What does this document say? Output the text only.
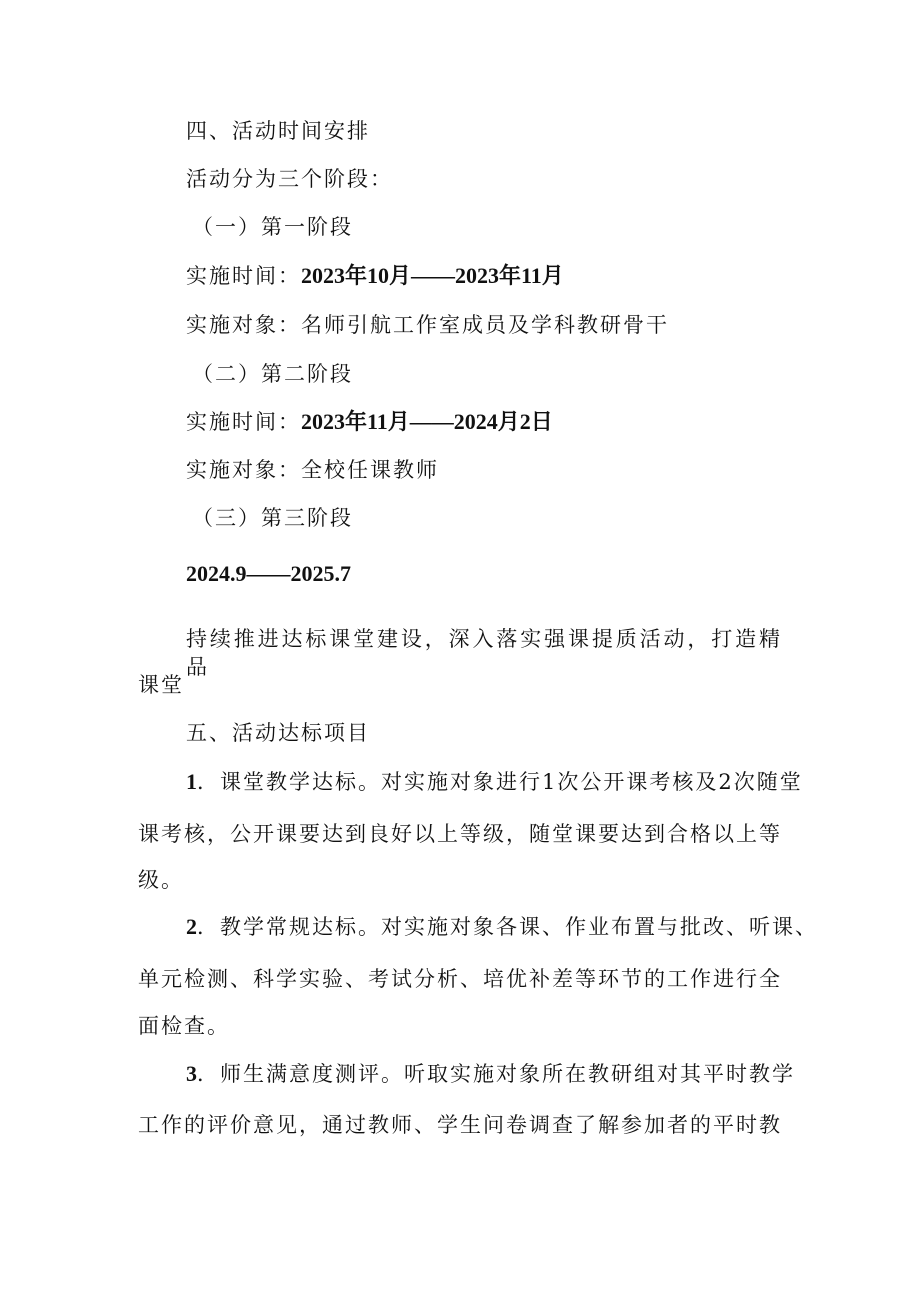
四、活动时间安排
活动分为三个阶段：
（一）第一阶段
实施时间：2023年10月——2023年11月
实施对象：名师引航工作室成员及学科教研骨干
（二）第二阶段
实施时间：2023年11月——2024月2日
实施对象：全校任课教师
（三）第三阶段
2024.9——2025.7
持续推进达标课堂建设，深入落实强课提质活动，打造精品
课堂
五、活动达标项目
1．课堂教学达标。对实施对象进行1次公开课考核及2次随堂
课考核，公开课要达到良好以上等级，随堂课要达到合格以上等
级。
2．教学常规达标。对实施对象各课、作业布置与批改、听课、
单元检测、科学实验、考试分析、培优补差等环节的工作进行全
面检查。
3．师生满意度测评。听取实施对象所在教研组对其平时教学
工作的评价意见，通过教师、学生问卷调查了解参加者的平时教
